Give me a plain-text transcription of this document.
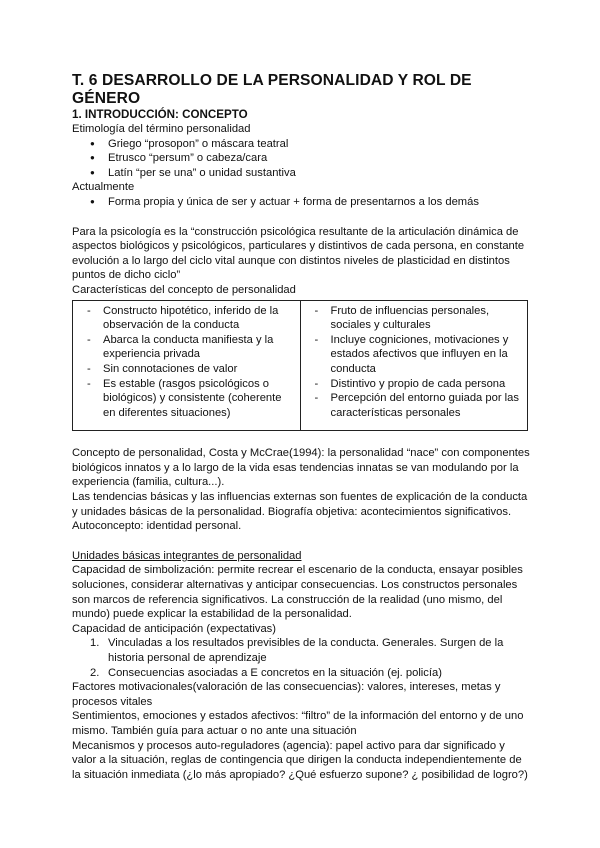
T. 6 DESARROLLO DE LA PERSONALIDAD Y ROL DE GÉNERO
1. INTRODUCCIÓN: CONCEPTO

Etimología del término personalidad

● Griego “prosopon” o máscara teatral
● Etrusco “persum” o cabeza/cara
● Latín “per se una” o unidad sustantiva

Actualmente

● Forma propia y única de ser y actuar + forma de presentarnos a los demás

Para la psicología es la “construcción psicológica resultante de la articulación dinámica de aspectos biológicos y psicológicos, particulares y distintivos de cada persona, en constante evolución a lo largo del ciclo vital aunque con distintos niveles de plasticidad en distintos puntos de dicho ciclo”

Características del concepto de personalidad

- Constructo hipotético, inferido de la observación de la conducta
- Abarca la conducta manifiesta y la experiencia privada
- Sin connotaciones de valor
- Es estable (rasgos psicológicos o biológicos) y consistente (coherente en diferentes situaciones)

- Fruto de influencias personales, sociales y culturales
- Incluye cogniciones, motivaciones y estados afectivos que influyen en la conducta
- Distintivo y propio de cada persona
- Percepción del entorno guiada por las características personales

Concepto de personalidad, Costa y McCrae(1994): la personalidad “nace” con componentes biológicos innatos y a lo largo de la vida esas tendencias innatas se van modulando por la experiencia (familia, cultura...).

Las tendencias básicas y las influencias externas son fuentes de explicación de la conducta y unidades básicas de la personalidad. Biografía objetiva: acontecimientos significativos.

Autoconcepto: identidad personal.

Unidades básicas integrantes de personalidad

Capacidad de simbolización: permite recrear el escenario de la conducta, ensayar posibles soluciones, considerar alternativas y anticipar consecuencias. Los constructos personales son marcos de referencia significativos. La construcción de la realidad (uno mismo, del mundo) puede explicar la estabilidad de la personalidad.

Capacidad de anticipación (expectativas)

1. Vinculadas a los resultados previsibles de la conducta. Generales. Surgen de la historia personal de aprendizaje
2. Consecuencias asociadas a E concretos en la situación (ej. policía)

Factores motivacionales(valoración de las consecuencias): valores, intereses, metas y procesos vitales

Sentimientos, emociones y estados afectivos: “filtro” de la información del entorno y de uno mismo. También guía para actuar o no ante una situación

Mecanismos y procesos auto-reguladores (agencia): papel activo para dar significado y valor a la situación, reglas de contingencia que dirigen la conducta independientemente de la situación inmediata (¿lo más apropiado? ¿Qué esfuerzo supone? ¿ posibilidad de logro?)
